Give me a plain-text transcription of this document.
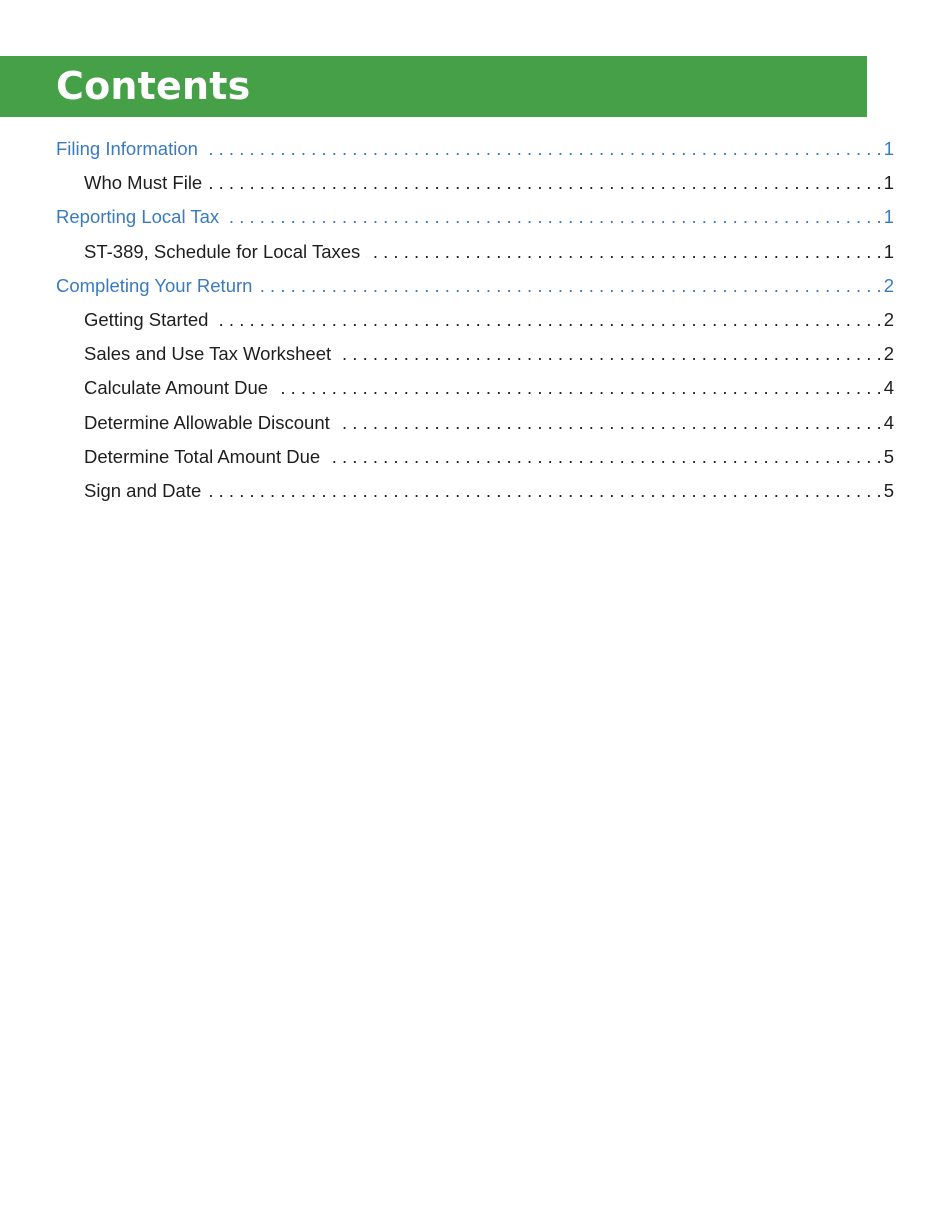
Contents
Filing Information . . .	1
Who Must File . . .	1
Reporting Local Tax . . .	1
ST-389, Schedule for Local Taxes . . .	1
Completing Your Return . . .	2
Getting Started . . .	2
Sales and Use Tax Worksheet . . .	2
Calculate Amount Due . . .	4
Determine Allowable Discount . . .	4
Determine Total Amount Due . . .	5
Sign and Date . . .	5
